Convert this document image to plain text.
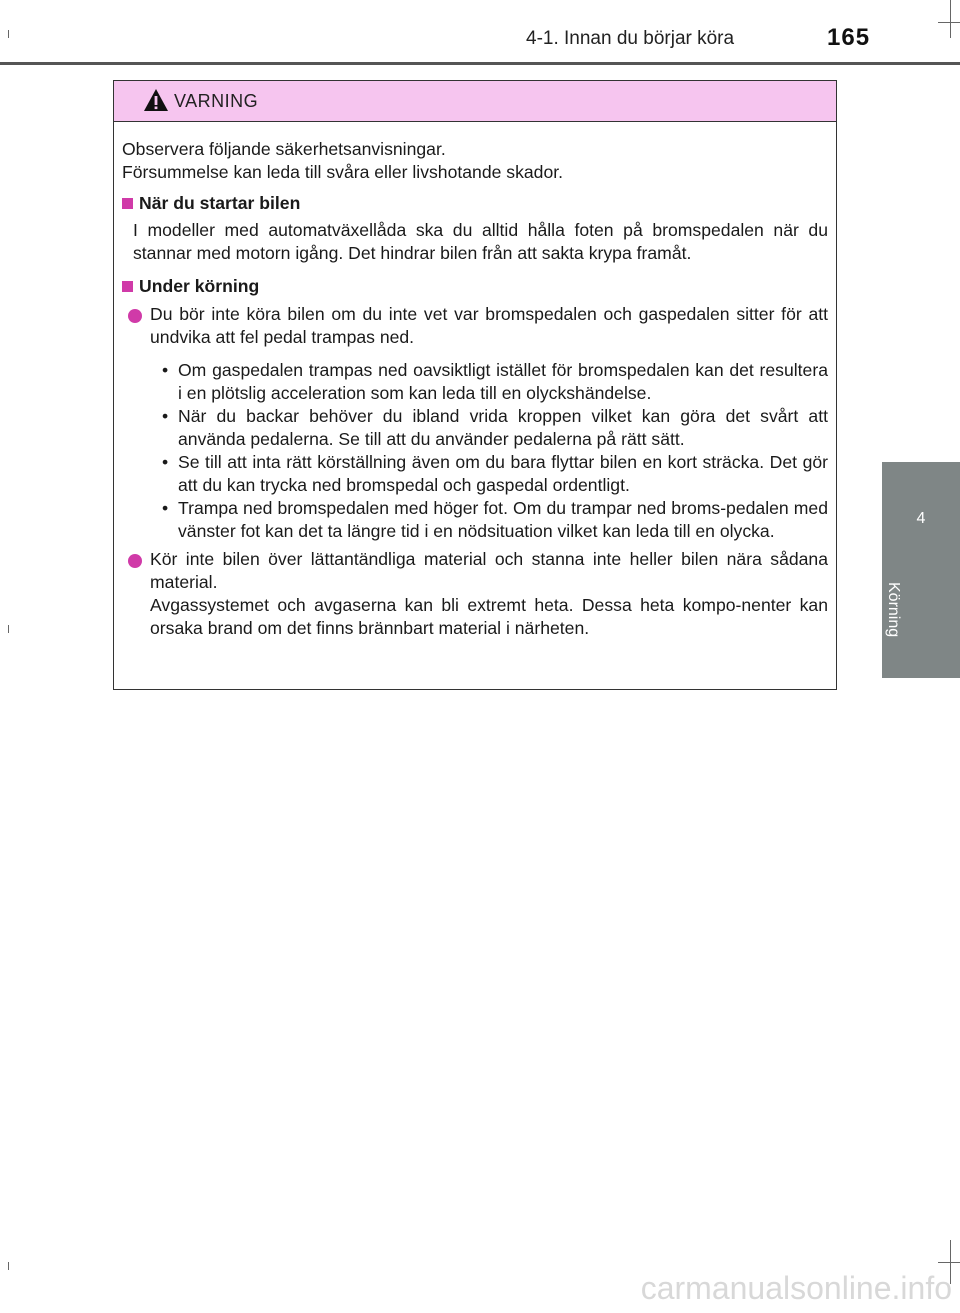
4-1. Innan du börjar köra	165
4
Körning
VARNING

Observera följande säkerhetsanvisningar.

Försummelse kan leda till svåra eller livshotande skador.

När du startar bilen

I modeller med automatväxellåda ska du alltid hålla foten på bromspedalen när du stannar med motorn igång. Det hindrar bilen från att sakta krypa framåt.

Under körning
Du bör inte köra bilen om du inte vet var bromspedalen och gaspedalen sitter för att undvika att fel pedal trampas ned.
• Om gaspedalen trampas ned oavsiktligt istället för bromspedalen kan det resultera i en plötslig acceleration som kan leda till en olyckshändelse.
• När du backar behöver du ibland vrida kroppen vilket kan göra det svårt att använda pedalerna. Se till att du använder pedalerna på rätt sätt.
• Se till att inta rätt körställning även om du bara flyttar bilen en kort sträcka. Det gör att du kan trycka ned bromspedal och gaspedal ordentligt.
• Trampa ned bromspedalen med höger fot. Om du trampar ned broms-pedalen med vänster fot kan det ta längre tid i en nödsituation vilket kan leda till en olycka.
Kör inte bilen över lättantändliga material och stanna inte heller bilen nära sådana material.
Avgassystemet och avgaserna kan bli extremt heta. Dessa heta kompo-nenter kan orsaka brand om det finns brännbart material i närheten.
carmanualsonline.info
